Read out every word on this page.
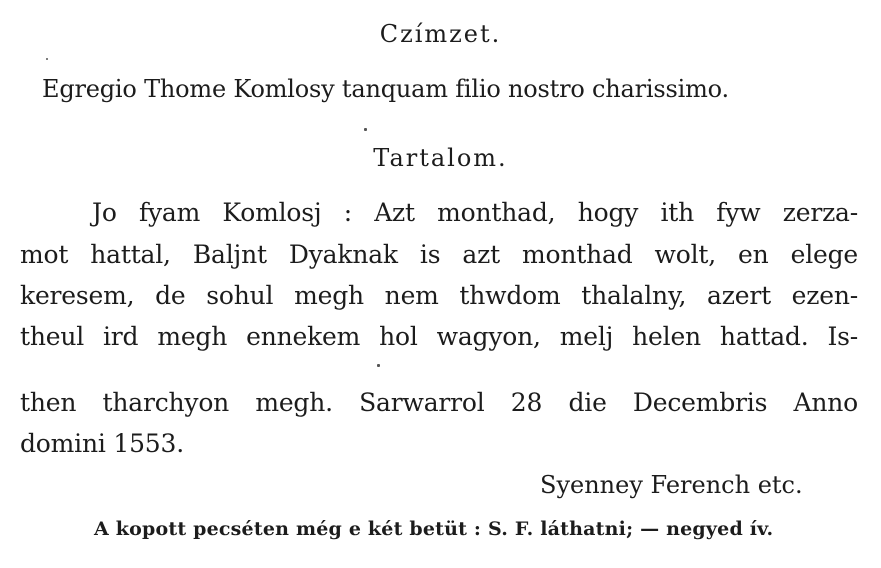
Czímzet.
Egregio Thome Komlosy tanquam filio nostro charissimo.
Tartalom.
Jo fyam Komlosj : Azt monthad, hogy ith fyw zerza-
mot hattal, Baljnt Dyaknak is azt monthad wolt, en elege
keresem, de sohul megh nem thwdom thalalny, azert ezen-
theul ird megh ennekem hol wagyon, melj helen hattad. Is-
then tharchyon megh. Sarwarrol 28 die Decembris Anno
domini 1553.
Syenney Ferench etc.
A kopott pecséten még e két betüt : S. F. láthatni; — negyed ív.
